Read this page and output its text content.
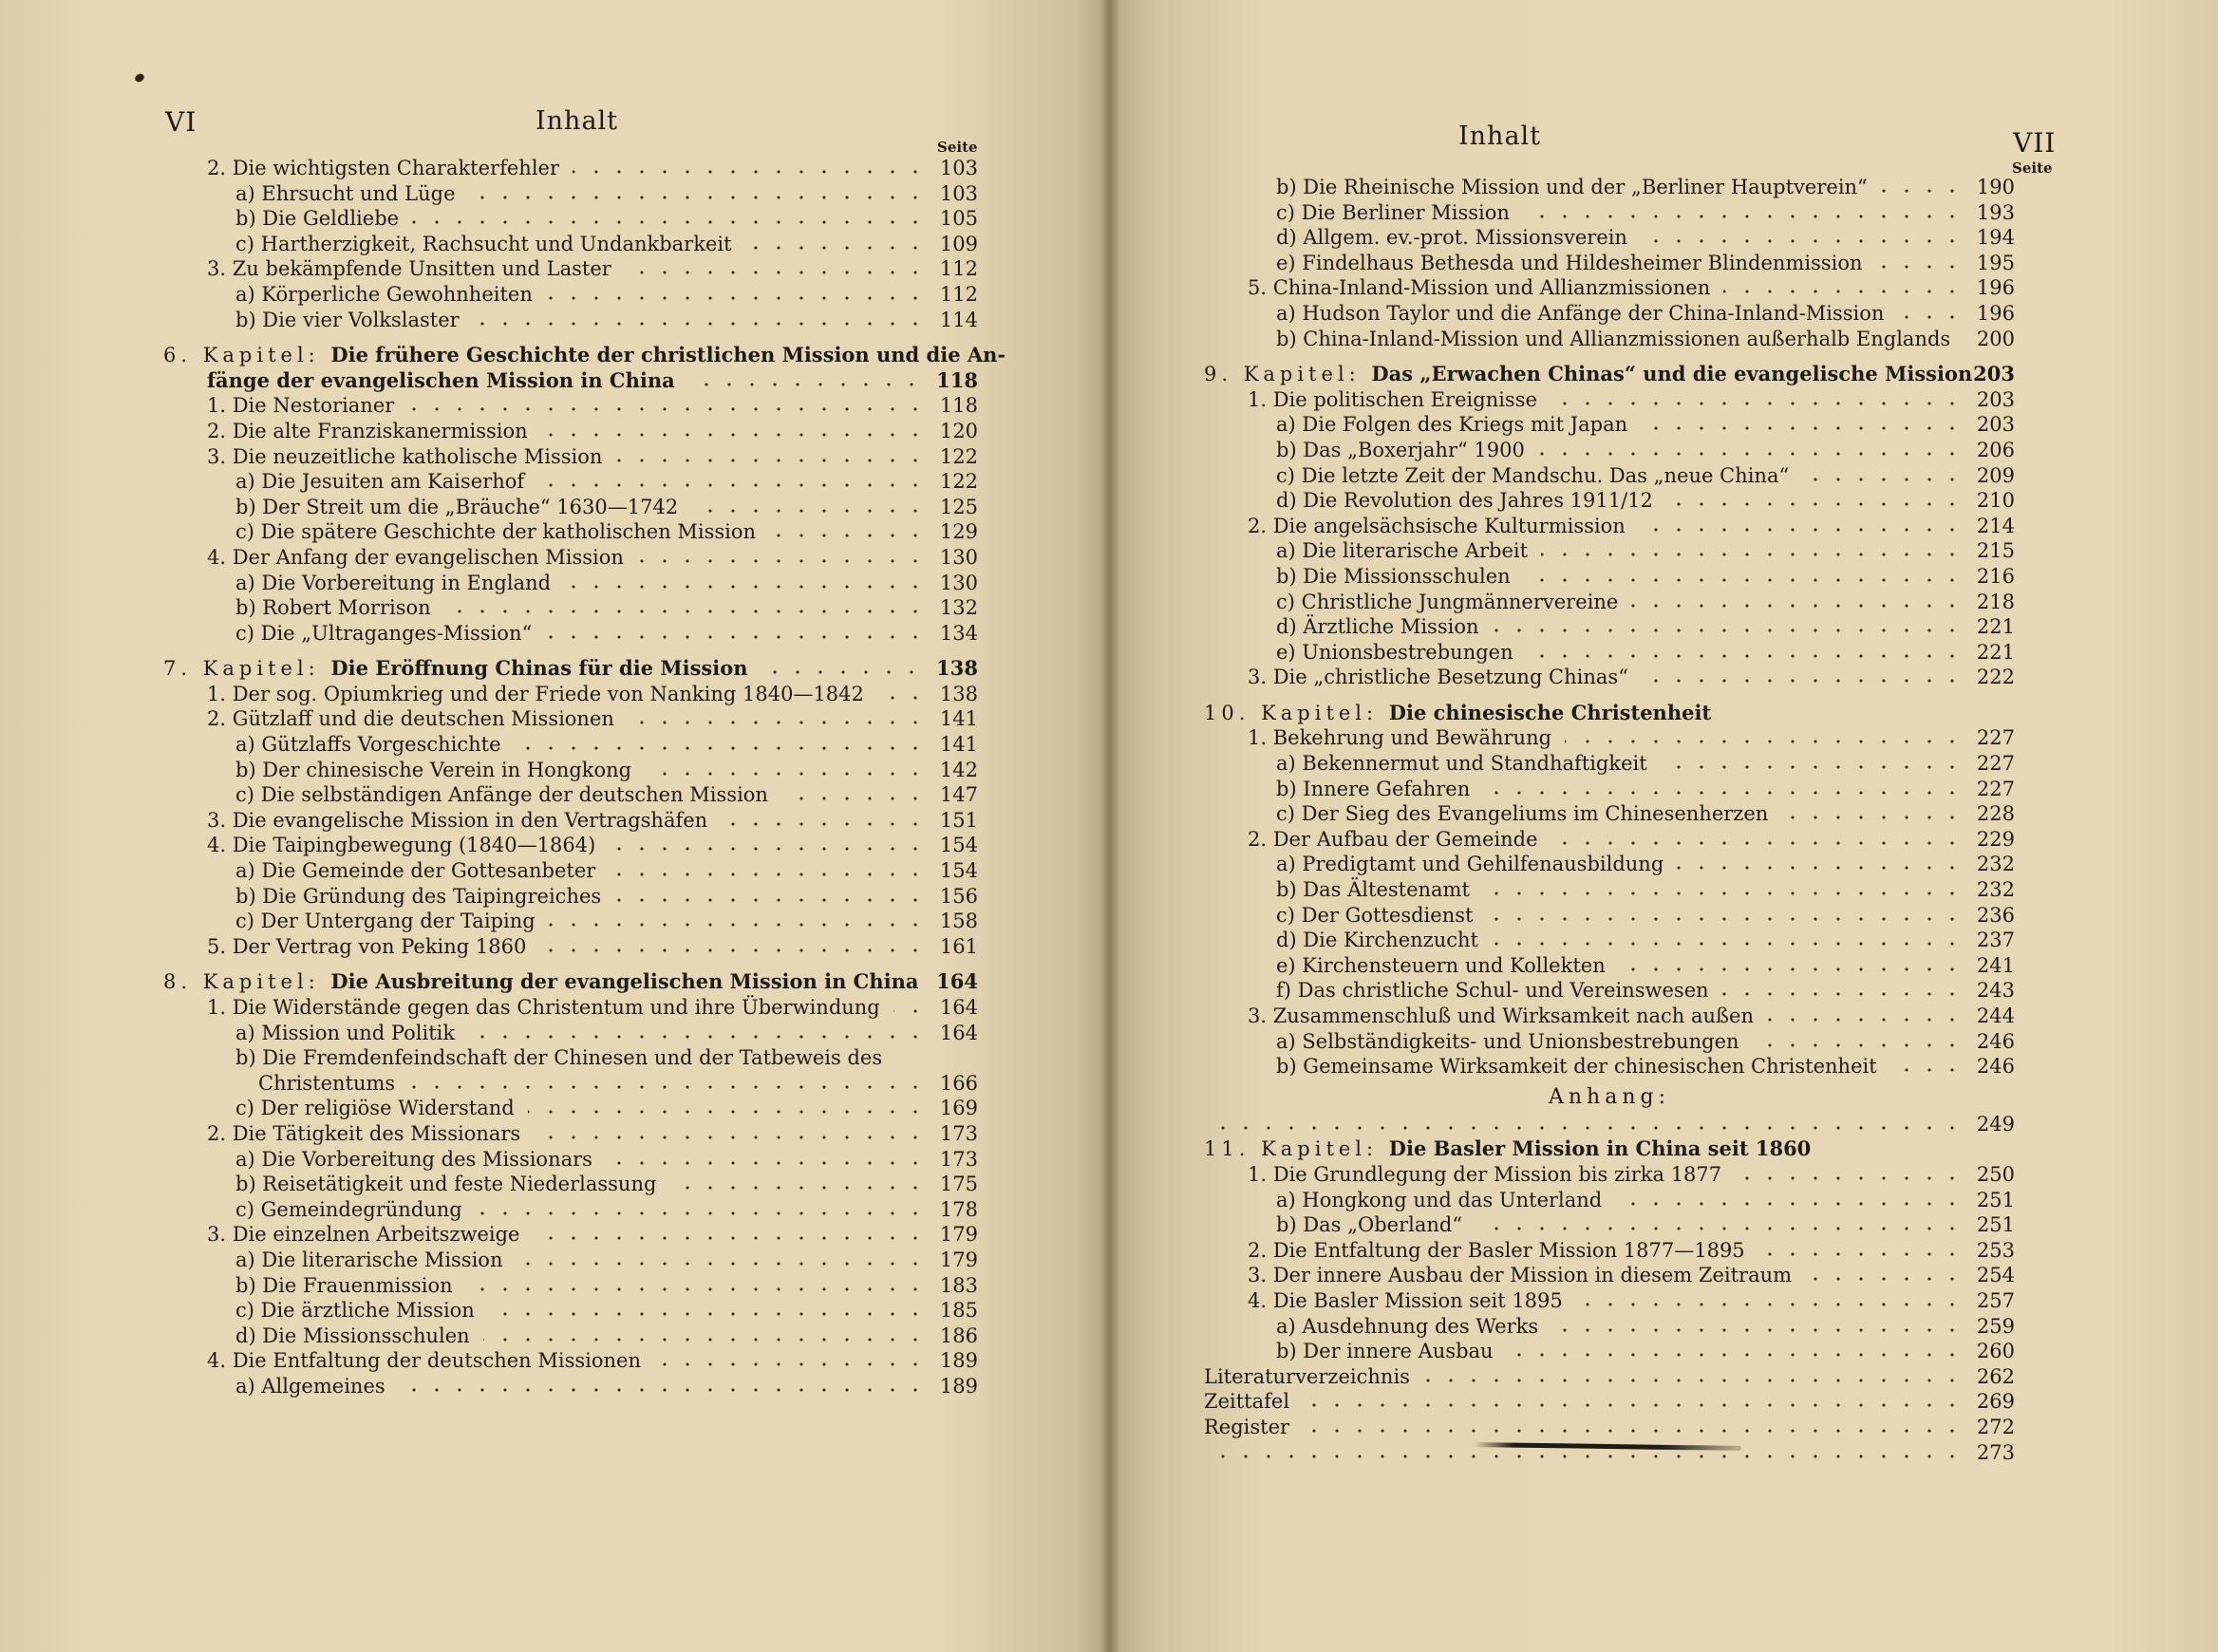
VI	Inhalt
Seite
2. Die wichtigsten Charakterfehler	103
a) Ehrsucht und Lüge	103
b) Die Geldliebe	105
c) Hartherzigkeit, Rachsucht und Undankbarkeit	109
3. Zu bekämpfende Unsitten und Laster	112
a) Körperliche Gewohnheiten	112
b) Die vier Volkslaster	114
6. Kapitel: Die frühere Geschichte der christlichen Mission und die An-
fänge der evangelischen Mission in China	118
1. Die Nestorianer	118
2. Die alte Franziskanermission	120
3. Die neuzeitliche katholische Mission	122
a) Die Jesuiten am Kaiserhof	122
b) Der Streit um die „Bräuche“ 1630—1742	125
c) Die spätere Geschichte der katholischen Mission	129
4. Der Anfang der evangelischen Mission	130
a) Die Vorbereitung in England	130
b) Robert Morrison	132
c) Die „Ultraganges-Mission“	134
7. Kapitel: Die Eröffnung Chinas für die Mission	138
1. Der sog. Opiumkrieg und der Friede von Nanking 1840—1842	138
2. Gützlaff und die deutschen Missionen	141
a) Gützlaffs Vorgeschichte	141
b) Der chinesische Verein in Hongkong	142
c) Die selbständigen Anfänge der deutschen Mission	147
3. Die evangelische Mission in den Vertragshäfen	151
4. Die Taipingbewegung (1840—1864)	154
a) Die Gemeinde der Gottesanbeter	154
b) Die Gründung des Taipingreiches	156
c) Der Untergang der Taiping	158
5. Der Vertrag von Peking 1860	161
8. Kapitel: Die Ausbreitung der evangelischen Mission in China 164
1. Die Widerstände gegen das Christentum und ihre Überwindung	164
a) Mission und Politik	164
b) Die Fremdenfeindschaft der Chinesen und der Tatbeweis des
Christentums	166
c) Der religiöse Widerstand	169
2. Die Tätigkeit des Missionars	173
a) Die Vorbereitung des Missionars	173
b) Reisetätigkeit und feste Niederlassung	175
c) Gemeindegründung	178
3. Die einzelnen Arbeitszweige	179
a) Die literarische Mission	179
b) Die Frauenmission	183
c) Die ärztliche Mission	185
d) Die Missionsschulen	186
4. Die Entfaltung der deutschen Missionen	189
a) Allgemeines	189
Inhalt	VII
Seite
b) Die Rheinische Mission und der „Berliner Hauptverein“	190
c) Die Berliner Mission	193
d) Allgem. ev.-prot. Missionsverein	194
e) Findelhaus Bethesda und Hildesheimer Blindenmission	195
5. China-Inland-Mission und Allianzmissionen	196
a) Hudson Taylor und die Anfänge der China-Inland-Mission	196
b) China-Inland-Mission und Allianzmissionen außerhalb Englands 200
9. Kapitel: Das „Erwachen Chinas“ und die evangelische Mission 203
1. Die politischen Ereignisse	203
a) Die Folgen des Kriegs mit Japan	203
b) Das „Boxerjahr“ 1900	206
c) Die letzte Zeit der Mandschu. Das „neue China“	209
d) Die Revolution des Jahres 1911/12	210
2. Die angelsächsische Kulturmission	214
a) Die literarische Arbeit	215
b) Die Missionsschulen	216
c) Christliche Jungmännervereine	218
d) Ärztliche Mission	221
e) Unionsbestrebungen	221
3. Die „christliche Besetzung Chinas“	222
10. Kapitel: Die chinesische Christenheit
1. Bekehrung und Bewährung	227
a) Bekennermut und Standhaftigkeit	227
b) Innere Gefahren	227
c) Der Sieg des Evangeliums im Chinesenherzen	228
2. Der Aufbau der Gemeinde	229
a) Predigtamt und Gehilfenausbildung	232
b) Das Ältestenamt	232
c) Der Gottesdienst	236
d) Die Kirchenzucht	237
e) Kirchensteuern und Kollekten	241
f) Das christliche Schul- und Vereinswesen	243
3. Zusammenschluß und Wirksamkeit nach außen	244
a) Selbständigkeits- und Unionsbestrebungen	246
b) Gemeinsame Wirksamkeit der chinesischen Christenheit	246
Anhang:
249
11. Kapitel: Die Basler Mission in China seit 1860
1. Die Grundlegung der Mission bis zirka 1877	250
a) Hongkong und das Unterland	251
b) Das „Oberland“	251
2. Die Entfaltung der Basler Mission 1877—1895	253
3. Der innere Ausbau der Mission in diesem Zeitraum	254
4. Die Basler Mission seit 1895	257
a) Ausdehnung des Werks	259
b) Der innere Ausbau	260
Literaturverzeichnis	262
Zeittafel	269
Register	272
273
